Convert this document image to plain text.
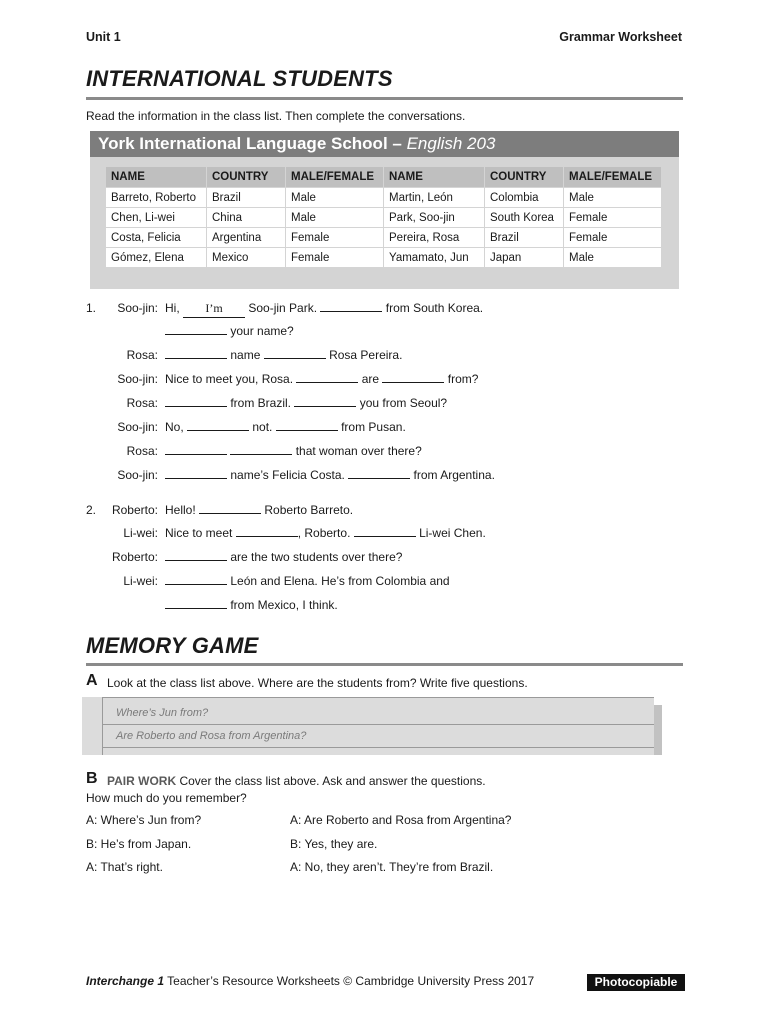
Unit 1	Grammar Worksheet
INTERNATIONAL STUDENTS
Read the information in the class list. Then complete the conversations.
York International Language School – English 203
NAME	COUNTRY	MALE/FEMALE	NAME	COUNTRY	MALE/FEMALE
Barreto, Roberto	Brazil	Male	Martin, León	Colombia	Male
Chen, Li-wei	China	Male	Park, Soo-jin	South Korea	Female
Costa, Felicia	Argentina	Female	Pereira, Rosa	Brazil	Female
Gómez, Elena	Mexico	Female	Yamamato, Jun	Japan	Male
1.	Soo-jin: Hi, I’m Soo-jin Park.	from South Korea.
your name?
Rosa:	name	Rosa Pereira.
Soo-jin: Nice to meet you, Rosa.	are	from?
Rosa:	from Brazil.	you from Seoul?
Soo-jin: No,	not.	from Pusan.
Rosa:	that woman over there?
Soo-jin:	name’s Felicia Costa.	from Argentina.
2.	Roberto: Hello!	Roberto Barreto.
Li-wei: Nice to meet	, Roberto.	Li-wei Chen.
Roberto:	are the two students over there?
Li-wei:	León and Elena. He’s from Colombia and
from Mexico, I think.
MEMORY GAME
A Look at the class list above. Where are the students from? Write five questions.
Where’s Jun from?
Are Roberto and Rosa from Argentina?
B PAIR WORK Cover the class list above. Ask and answer the questions.
How much do you remember?
A: Where’s Jun from?
B: He’s from Japan.
A: That’s right.
A: Are Roberto and Rosa from Argentina?
B: Yes, they are.
A: No, they aren’t. They’re from Brazil.
Interchange 1 Teacher’s Resource Worksheets © Cambridge University Press 2017	Photocopiable
